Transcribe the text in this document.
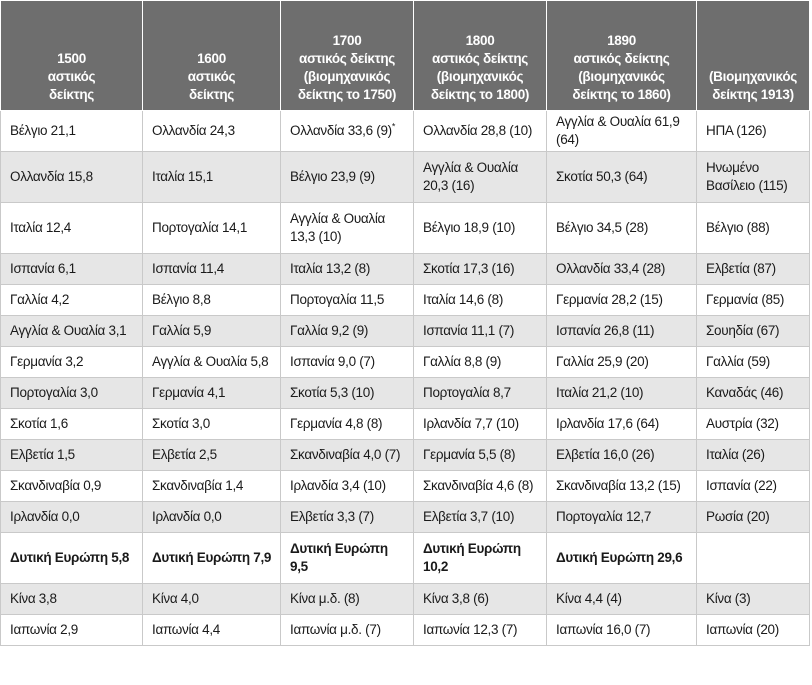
1500
αστικός
δείκτης	1600
αστικός
δείκτης	1700
αστικός δείκτης
(βιομηχανικός
δείκτης το 1750)	1800
αστικός δείκτης
(βιομηχανικός
δείκτης το 1800)	1890
αστικός δείκτης
(βιομηχανικός
δείκτης το 1860)	(Βιομηχανικός
δείκτης 1913)

Βέλγιο 21,1	Ολλανδία 24,3	Ολλανδία 33,6 (9)*	Ολλανδία 28,8 (10)	Αγγλία & Ουαλία 61,9 (64)	ΗΠΑ (126)
Ολλανδία 15,8	Ιταλία 15,1	Βέλγιο 23,9 (9)	Αγγλία & Ουαλία 20,3 (16)	Σκοτία 50,3 (64)	Ηνωμένο Βασίλειο (115)
Ιταλία 12,4	Πορτογαλία 14,1	Αγγλία & Ουαλία 13,3 (10)	Βέλγιο 18,9 (10)	Βέλγιο 34,5 (28)	Βέλγιο (88)
Ισπανία 6,1	Ισπανία 11,4	Ιταλία 13,2 (8)	Σκοτία 17,3 (16)	Ολλανδία 33,4 (28)	Ελβετία (87)
Γαλλία 4,2	Βέλγιο 8,8	Πορτογαλία 11,5	Ιταλία 14,6 (8)	Γερμανία 28,2 (15)	Γερμανία (85)
Αγγλία & Ουαλία 3,1	Γαλλία 5,9	Γαλλία 9,2 (9)	Ισπανία 11,1 (7)	Ισπανία 26,8 (11)	Σουηδία (67)
Γερμανία 3,2	Αγγλία & Ουαλία 5,8	Ισπανία 9,0 (7)	Γαλλία 8,8 (9)	Γαλλία 25,9 (20)	Γαλλία (59)
Πορτογαλία 3,0	Γερμανία 4,1	Σκοτία 5,3 (10)	Πορτογαλία 8,7	Ιταλία 21,2 (10)	Καναδάς (46)
Σκοτία 1,6	Σκοτία 3,0	Γερμανία 4,8 (8)	Ιρλανδία 7,7 (10)	Ιρλανδία 17,6 (64)	Αυστρία (32)
Ελβετία 1,5	Ελβετία 2,5	Σκανδιναβία 4,0 (7)	Γερμανία 5,5 (8)	Ελβετία 16,0 (26)	Ιταλία (26)
Σκανδιναβία 0,9	Σκανδιναβία 1,4	Ιρλανδία 3,4 (10)	Σκανδιναβία 4,6 (8)	Σκανδιναβία 13,2 (15)	Ισπανία (22)
Ιρλανδία 0,0	Ιρλανδία 0,0	Ελβετία 3,3 (7)	Ελβετία 3,7 (10)	Πορτογαλία 12,7	Ρωσία (20)
Δυτική Ευρώπη 5,8	Δυτική Ευρώπη 7,9	Δυτική Ευρώπη 9,5	Δυτική Ευρώπη 10,2	Δυτική Ευρώπη 29,6	
Κίνα 3,8	Κίνα 4,0	Κίνα μ.δ. (8)	Κίνα 3,8 (6)	Κίνα 4,4 (4)	Κίνα (3)
Ιαπωνία 2,9	Ιαπωνία 4,4	Ιαπωνία μ.δ. (7)	Ιαπωνία 12,3 (7)	Ιαπωνία 16,0 (7)	Ιαπωνία (20)
